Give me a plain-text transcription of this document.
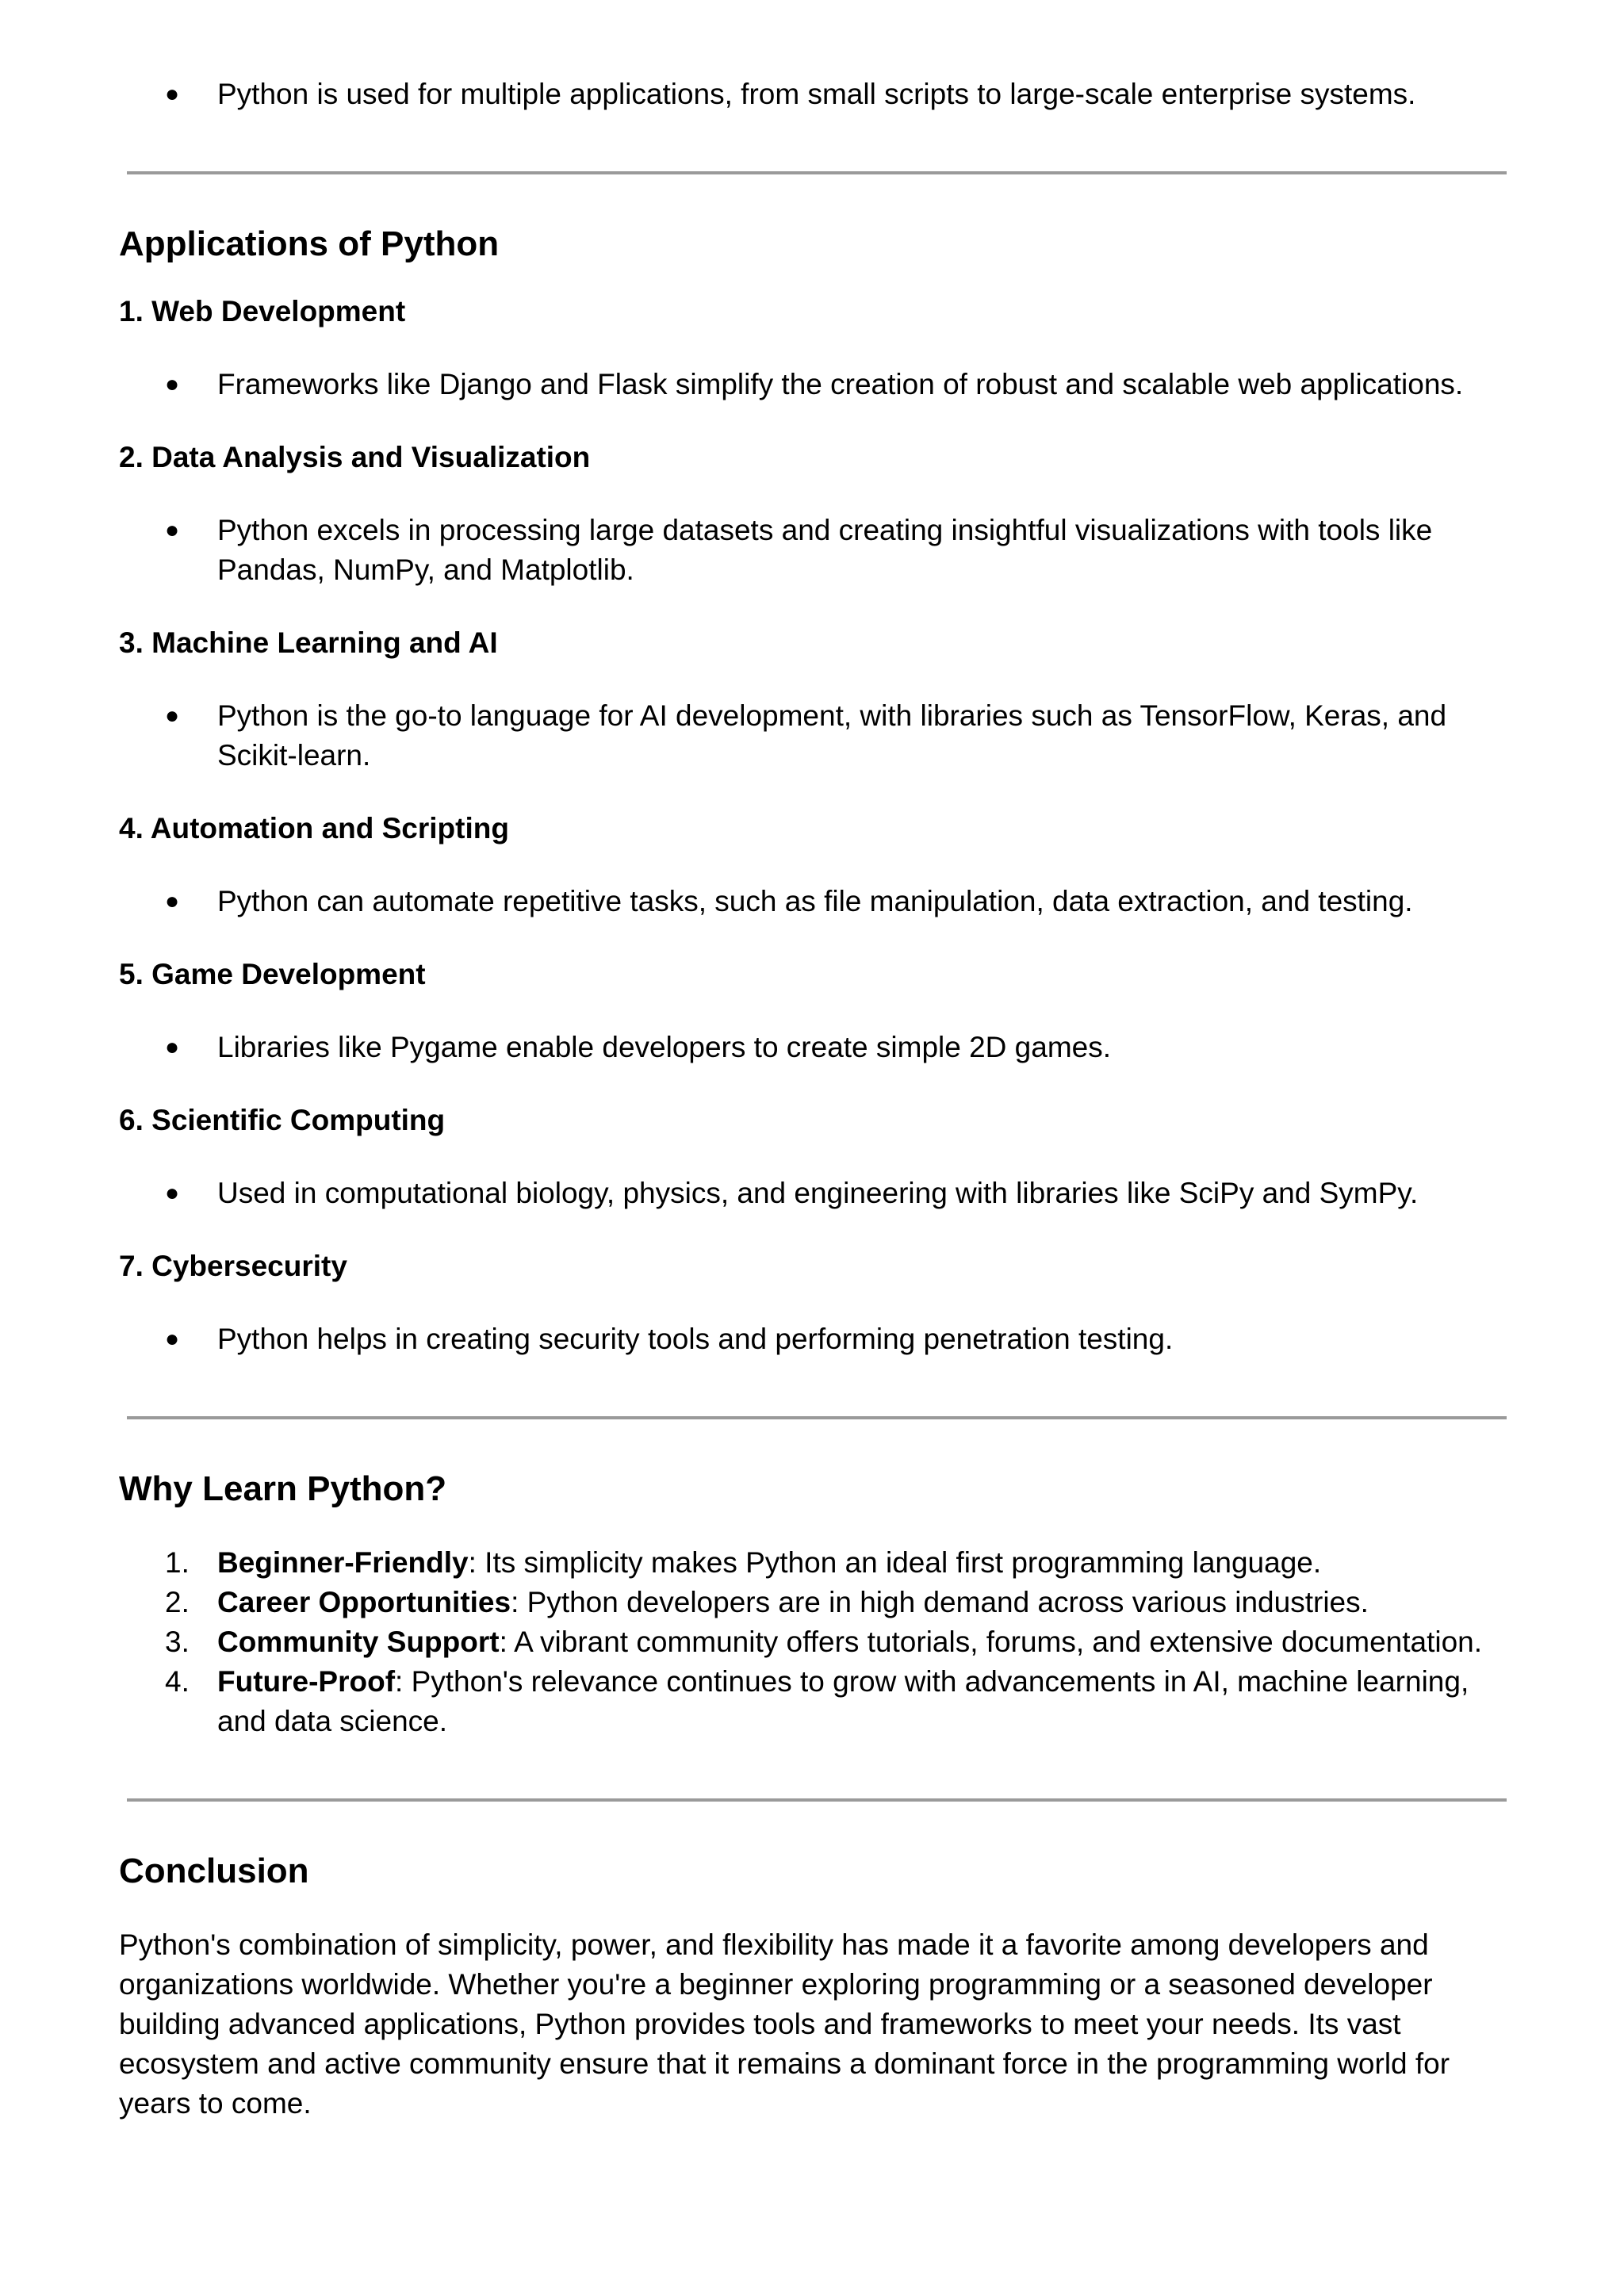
● Python is used for multiple applications, from small scripts to large-scale enterprise systems.
Applications of Python
1. Web Development
● Frameworks like Django and Flask simplify the creation of robust and scalable web applications.
2. Data Analysis and Visualization
● Python excels in processing large datasets and creating insightful visualizations with tools like Pandas, NumPy, and Matplotlib.
3. Machine Learning and AI
● Python is the go-to language for AI development, with libraries such as TensorFlow, Keras, and Scikit-learn.
4. Automation and Scripting
● Python can automate repetitive tasks, such as file manipulation, data extraction, and testing.
5. Game Development
● Libraries like Pygame enable developers to create simple 2D games.
6. Scientific Computing
● Used in computational biology, physics, and engineering with libraries like SciPy and SymPy.
7. Cybersecurity
● Python helps in creating security tools and performing penetration testing.
Why Learn Python?
1. Beginner-Friendly: Its simplicity makes Python an ideal first programming language.
2. Career Opportunities: Python developers are in high demand across various industries.
3. Community Support: A vibrant community offers tutorials, forums, and extensive documentation.
4. Future-Proof: Python's relevance continues to grow with advancements in AI, machine learning, and data science.
Conclusion

Python's combination of simplicity, power, and flexibility has made it a favorite among developers and organizations worldwide. Whether you're a beginner exploring programming or a seasoned developer building advanced applications, Python provides tools and frameworks to meet your needs. Its vast ecosystem and active community ensure that it remains a dominant force in the programming world for years to come.
